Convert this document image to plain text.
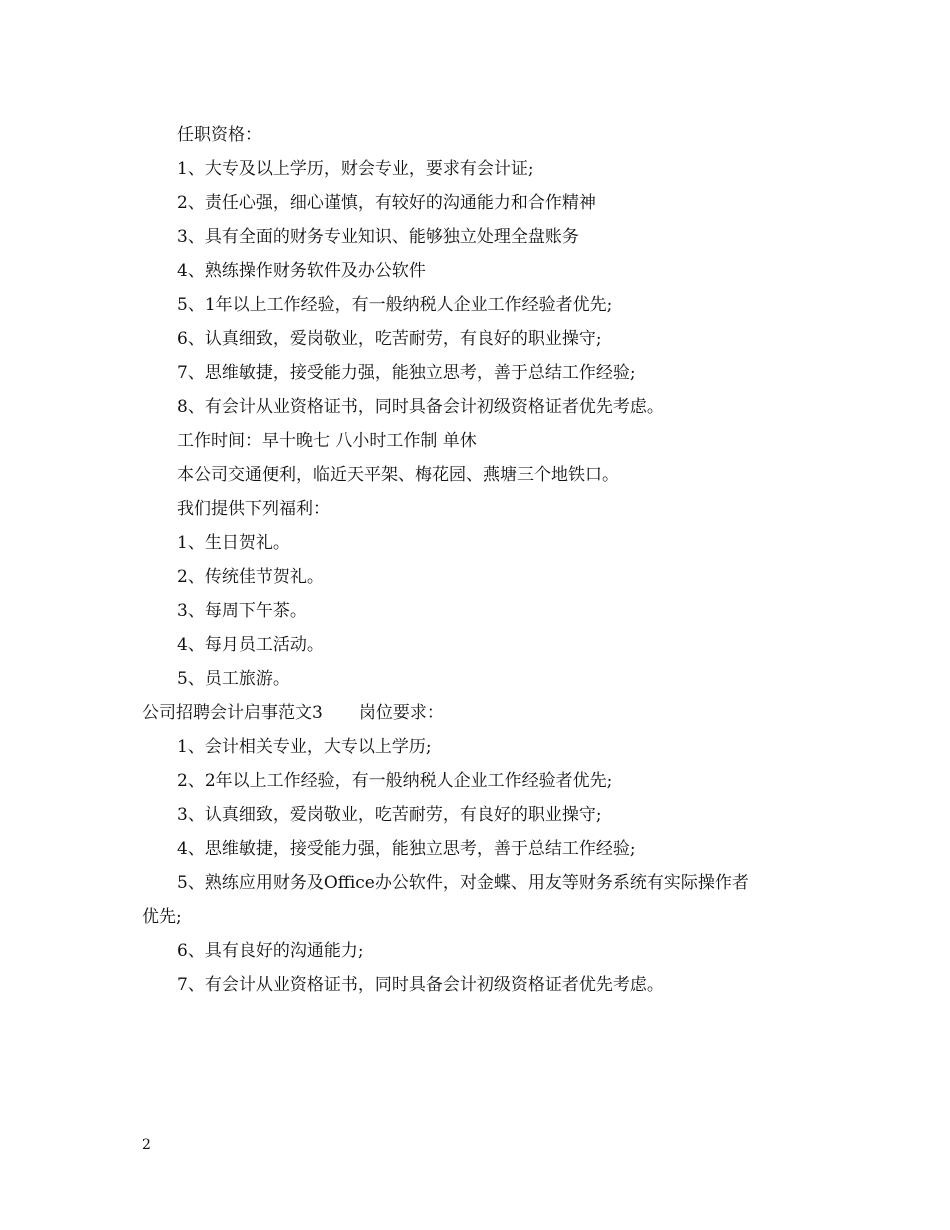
任职资格：
1、大专及以上学历，财会专业，要求有会计证;
2、责任心强，细心谨慎，有较好的沟通能力和合作精神
3、具有全面的财务专业知识、能够独立处理全盘账务
4、熟练操作财务软件及办公软件
5、1年以上工作经验，有一般纳税人企业工作经验者优先;
6、认真细致，爱岗敬业，吃苦耐劳，有良好的职业操守;
7、思维敏捷，接受能力强，能独立思考，善于总结工作经验;
8、有会计从业资格证书，同时具备会计初级资格证者优先考虑。
工作时间：早十晚七 八小时工作制 单休
本公司交通便利，临近天平架、梅花园、燕塘三个地铁口。
我们提供下列福利：
1、生日贺礼。
2、传统佳节贺礼。
3、每周下午茶。
4、每月员工活动。
5、员工旅游。
公司招聘会计启事范文3 岗位要求：
1、会计相关专业，大专以上学历;
2、2年以上工作经验，有一般纳税人企业工作经验者优先;
3、认真细致，爱岗敬业，吃苦耐劳，有良好的职业操守;
4、思维敏捷，接受能力强，能独立思考，善于总结工作经验;
5、熟练应用财务及Office办公软件，对金蝶、用友等财务系统有实际操作者
优先;
6、具有良好的沟通能力;
7、有会计从业资格证书，同时具备会计初级资格证者优先考虑。
2
